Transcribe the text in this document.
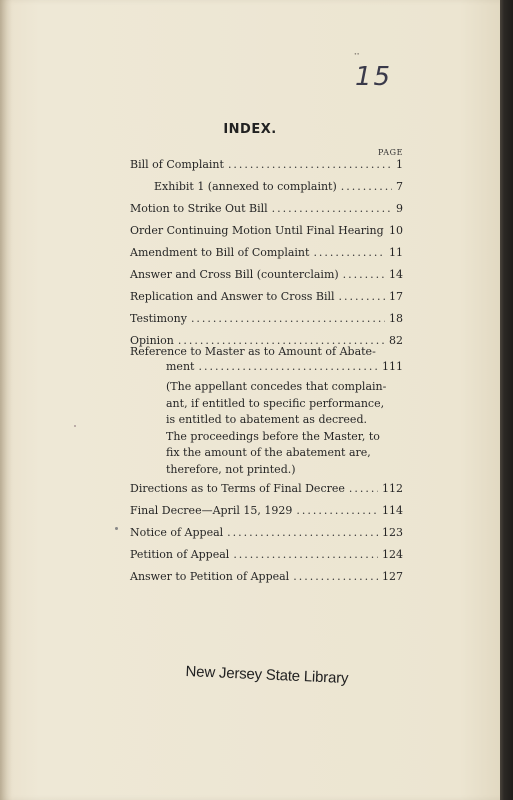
ꞏꞏ
15
INDEX.
PAGE
Bill of Complaint .....	1
Exhibit 1 (annexed to complaint) .....	7
Motion to Strike Out Bill .....	9
Order Continuing Motion Until Final Hearing 10
Amendment to Bill of Complaint .....	11
Answer and Cross Bill (counterclaim) .....	14
Replication and Answer to Cross Bill .....	17
Testimony .....	18
Opinion .....	82
Reference to Master as to Amount of Abate-
ment .....	111
(The appellant concedes that complain-
ant, if entitled to specific performance,
is entitled to abatement as decreed.
The proceedings before the Master, to
fix the amount of the abatement are,
therefore, not printed.)
Directions as to Terms of Final Decree .....	112
Final Decree—April 15, 1929 .....	114
Notice of Appeal .....	123
Petition of Appeal .....	124
Answer to Petition of Appeal .....	127
New Jersey State Library
